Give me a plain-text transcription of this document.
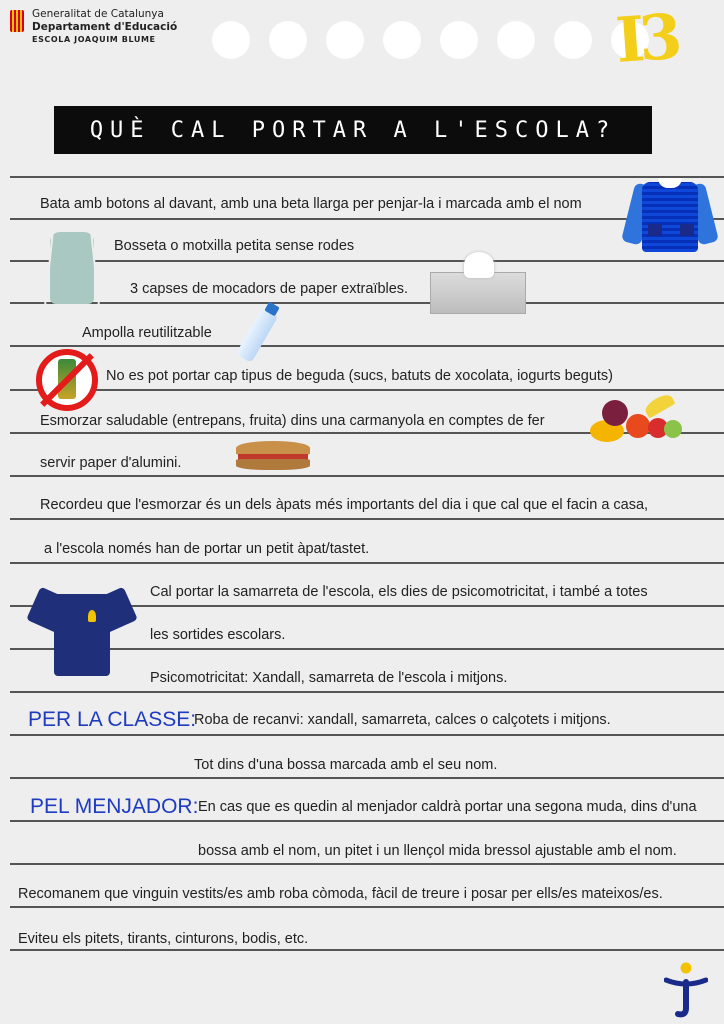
Generalitat de Catalunya
Departament d'Educació
ESCOLA JOAQUIM BLUME	I3
QUÈ CAL PORTAR A L'ESCOLA?
Bata amb botons al davant, amb una beta llarga per penjar-la i marcada amb el nom
Bosseta o motxilla petita sense rodes
3 capses de mocadors de paper extraïbles.
Ampolla reutilitzable
No es pot portar cap tipus de beguda (sucs, batuts de xocolata, iogurts beguts)
Esmorzar saludable (entrepans, fruita) dins una carmanyola en comptes de fer
servir paper d'alumini.
Recordeu que l'esmorzar és un dels àpats més importants del dia i que cal que el facin a casa,
a l'escola només han de portar un petit àpat/tastet.
Cal portar la samarreta de l'escola, els dies de psicomotricitat, i també a totes
les sortides escolars.
Psicomotricitat: Xandall, samarreta de l'escola i mitjons.
PER LA CLASSE:
Roba de recanvi: xandall, samarreta, calces o calçotets i mitjons.
Tot dins d'una bossa marcada amb el seu nom.
PEL MENJADOR: En cas que es quedin al menjador caldrà portar una segona muda, dins d'una
bossa amb el nom, un pitet i un llençol mida bressol ajustable amb el nom.
Recomanem que vinguin vestits/es amb roba còmoda, fàcil de treure i posar per ells/es mateixos/es.
Eviteu els pitets, tirants, cinturons, bodis, etc.
